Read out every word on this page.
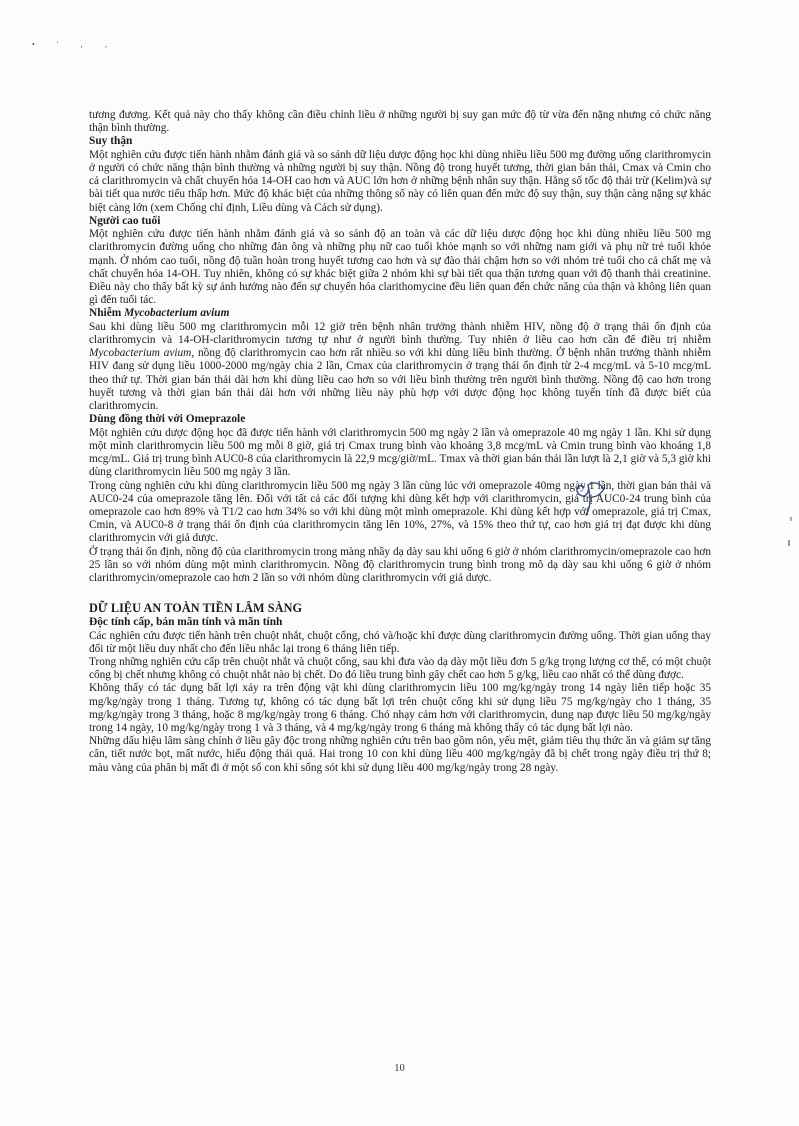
• ' ‚ ,

tương đương. Kết quả này cho thấy không cần điều chỉnh liều ở những người bị suy gan mức độ từ vừa đến nặng nhưng có chức năng thận bình thường.

Suy thận

Một nghiên cứu được tiến hành nhằm đánh giá và so sánh dữ liệu dược động học khi dùng nhiều liều 500 mg đường uống clarithromycin ở người có chức năng thận bình thường và những người bị suy thận. Nồng độ trong huyết tương, thời gian bán thải, Cmax và Cmin cho cả clarithromycin và chất chuyển hóa 14-OH cao hơn và AUC lớn hơn ở những bệnh nhân suy thận. Hằng số tốc độ thải trừ (Kelim)và sự bài tiết qua nước tiểu thấp hơn. Mức độ khác biệt của những thông số này có liên quan đến mức độ suy thận, suy thận càng nặng sự khác biệt càng lớn (xem Chống chỉ định, Liều dùng và Cách sử dụng).

Người cao tuổi

Một nghiên cứu được tiến hành nhằm đánh giá và so sánh độ an toàn và các dữ liệu dược động học khi dùng nhiều liều 500 mg clarithromycin đường uống cho những đàn ông và những phụ nữ cao tuổi khỏe mạnh so với những nam giới và phụ nữ trẻ tuổi khỏe mạnh. Ở nhóm cao tuổi, nồng độ tuần hoàn trong huyết tương cao hơn và sự đào thải chậm hơn so với nhóm trẻ tuổi cho cả chất mẹ và chất chuyển hóa 14-OH. Tuy nhiên, không có sự khác biệt giữa 2 nhóm khi sự bài tiết qua thận tương quan với độ thanh thải creatinine. Điều này cho thấy bất kỳ sự ảnh hưởng nào đến sự chuyển hóa clarithomycine đều liên quan đến chức năng của thận và không liên quan gì đến tuổi tác.

Nhiễm Mycobacterium avium

Sau khi dùng liều 500 mg clarithromycin mỗi 12 giờ trên bệnh nhân trưởng thành nhiễm HIV, nồng độ ở trạng thái ổn định của clarithromycin và 14-OH-clarithromycin tương tự như ở người bình thường. Tuy nhiên ở liều cao hơn cần để điều trị nhiễm Mycobacterium avium, nồng độ clarithromycin cao hơn rất nhiều so với khi dùng liều bình thường. Ở bệnh nhân trưởng thành nhiễm HIV đang sử dụng liều 1000-2000 mg/ngày chia 2 lần, Cmax của clarithromycin ở trạng thái ổn định từ 2-4 mcg/mL và 5-10 mcg/mL theo thứ tự. Thời gian bán thải dài hơn khi dùng liều cao hơn so với liều bình thường trên người bình thường. Nồng độ cao hơn trong huyết tương và thời gian bán thải dài hơn với những liều này phù hợp với dược động học không tuyến tính đã được biết của clarithromycin.

Dùng đồng thời với Omeprazole

Một nghiên cứu dược động học đã được tiến hành với clarithromycin 500 mg ngày 2 lần và omeprazole 40 mg ngày 1 lần. Khi sử dụng một mình clarithromycin liều 500 mg mỗi 8 giờ, giá trị Cmax trung bình vào khoảng 3,8 mcg/mL và Cmin trung bình vào khoảng 1,8 mcg/mL. Giá trị trung bình AUC0-8 của clarithromycin là 22,9 mcg/giờ/mL. Tmax và thời gian bán thải lần lượt là 2,1 giờ và 5,3 giờ khi dùng clarithromycin liều 500 mg ngày 3 lần.

Trong cùng nghiên cứu khi dùng clarithromycin liều 500 mg ngày 3 lần cùng lúc với omeprazole 40mg ngày 1 lần, thời gian bán thải và AUC0-24 của omeprazole tăng lên. Đối với tất cả các đối tượng khi dùng kết hợp với clarithromycin, giá trị AUC0-24 trung bình của omeprazole cao hơn 89% và T1/2 cao hơn 34% so với khi dùng một mình omeprazole. Khi dùng kết hợp với omeprazole, giá trị Cmax, Cmin, và AUC0-8 ở trạng thái ổn định của clarithromycin tăng lên 10%, 27%, và 15% theo thứ tự, cao hơn giá trị đạt được khi dùng clarithromycin với giả dược.

Ở trạng thái ổn định, nồng độ của clarithromycin trong màng nhầy dạ dày sau khi uống 6 giờ ở nhóm clarithromycin/omeprazole cao hơn 25 lần so với nhóm dùng một mình clarithromycin. Nồng độ clarithromycin trung bình trong mô dạ dày sau khi uống 6 giờ ở nhóm clarithromycin/omeprazole cao hơn 2 lần so với nhóm dùng clarithromycin với giả dược.

DỮ LIỆU AN TOÀN TIỀN LÂM SÀNG
Độc tính cấp, bán mãn tính và mãn tính

Các nghiên cứu được tiến hành trên chuột nhắt, chuột cống, chó và/hoặc khỉ được dùng clarithromycin đường uống. Thời gian uống thay đổi từ một liều duy nhất cho đến liều nhắc lại trong 6 tháng liên tiếp.

Trong những nghiên cứu cấp trên chuột nhắt và chuột cống, sau khi đưa vào dạ dày một liều đơn 5 g/kg trọng lượng cơ thể, có một chuột cống bị chết nhưng không có chuột nhắt nào bị chết. Do đó liều trung bình gây chết cao hơn 5 g/kg, liều cao nhất có thể dùng được.

Không thấy có tác dụng bất lợi xảy ra trên động vật khi dùng clarithromycin liều 100 mg/kg/ngày trong 14 ngày liên tiếp hoặc 35 mg/kg/ngày trong 1 tháng. Tương tự, không có tác dụng bất lợi trên chuột cống khi sử dụng liều 75 mg/kg/ngày cho 1 tháng, 35 mg/kg/ngày trong 3 tháng, hoặc 8 mg/kg/ngày trong 6 tháng. Chó nhạy cảm hơn với clarithromycin, dung nạp được liều 50 mg/kg/ngày trong 14 ngày, 10 mg/kg/ngày trong 1 và 3 tháng, và 4 mg/kg/ngày trong 6 tháng mà không thấy có tác dụng bất lợi nào.

Những dấu hiệu lâm sàng chính ở liều gây độc trong những nghiên cứu trên bao gồm nôn, yếu mệt, giảm tiêu thụ thức ăn và giảm sự tăng cân, tiết nước bọt, mất nước, hiếu động thái quá. Hai trong 10 con khỉ dùng liều 400 mg/kg/ngày đã bị chết trong ngày điều trị thứ 8; màu vàng của phân bị mất đi ở một số con khỉ sống sót khi sử dụng liều 400 mg/kg/ngày trong 28 ngày.

10
